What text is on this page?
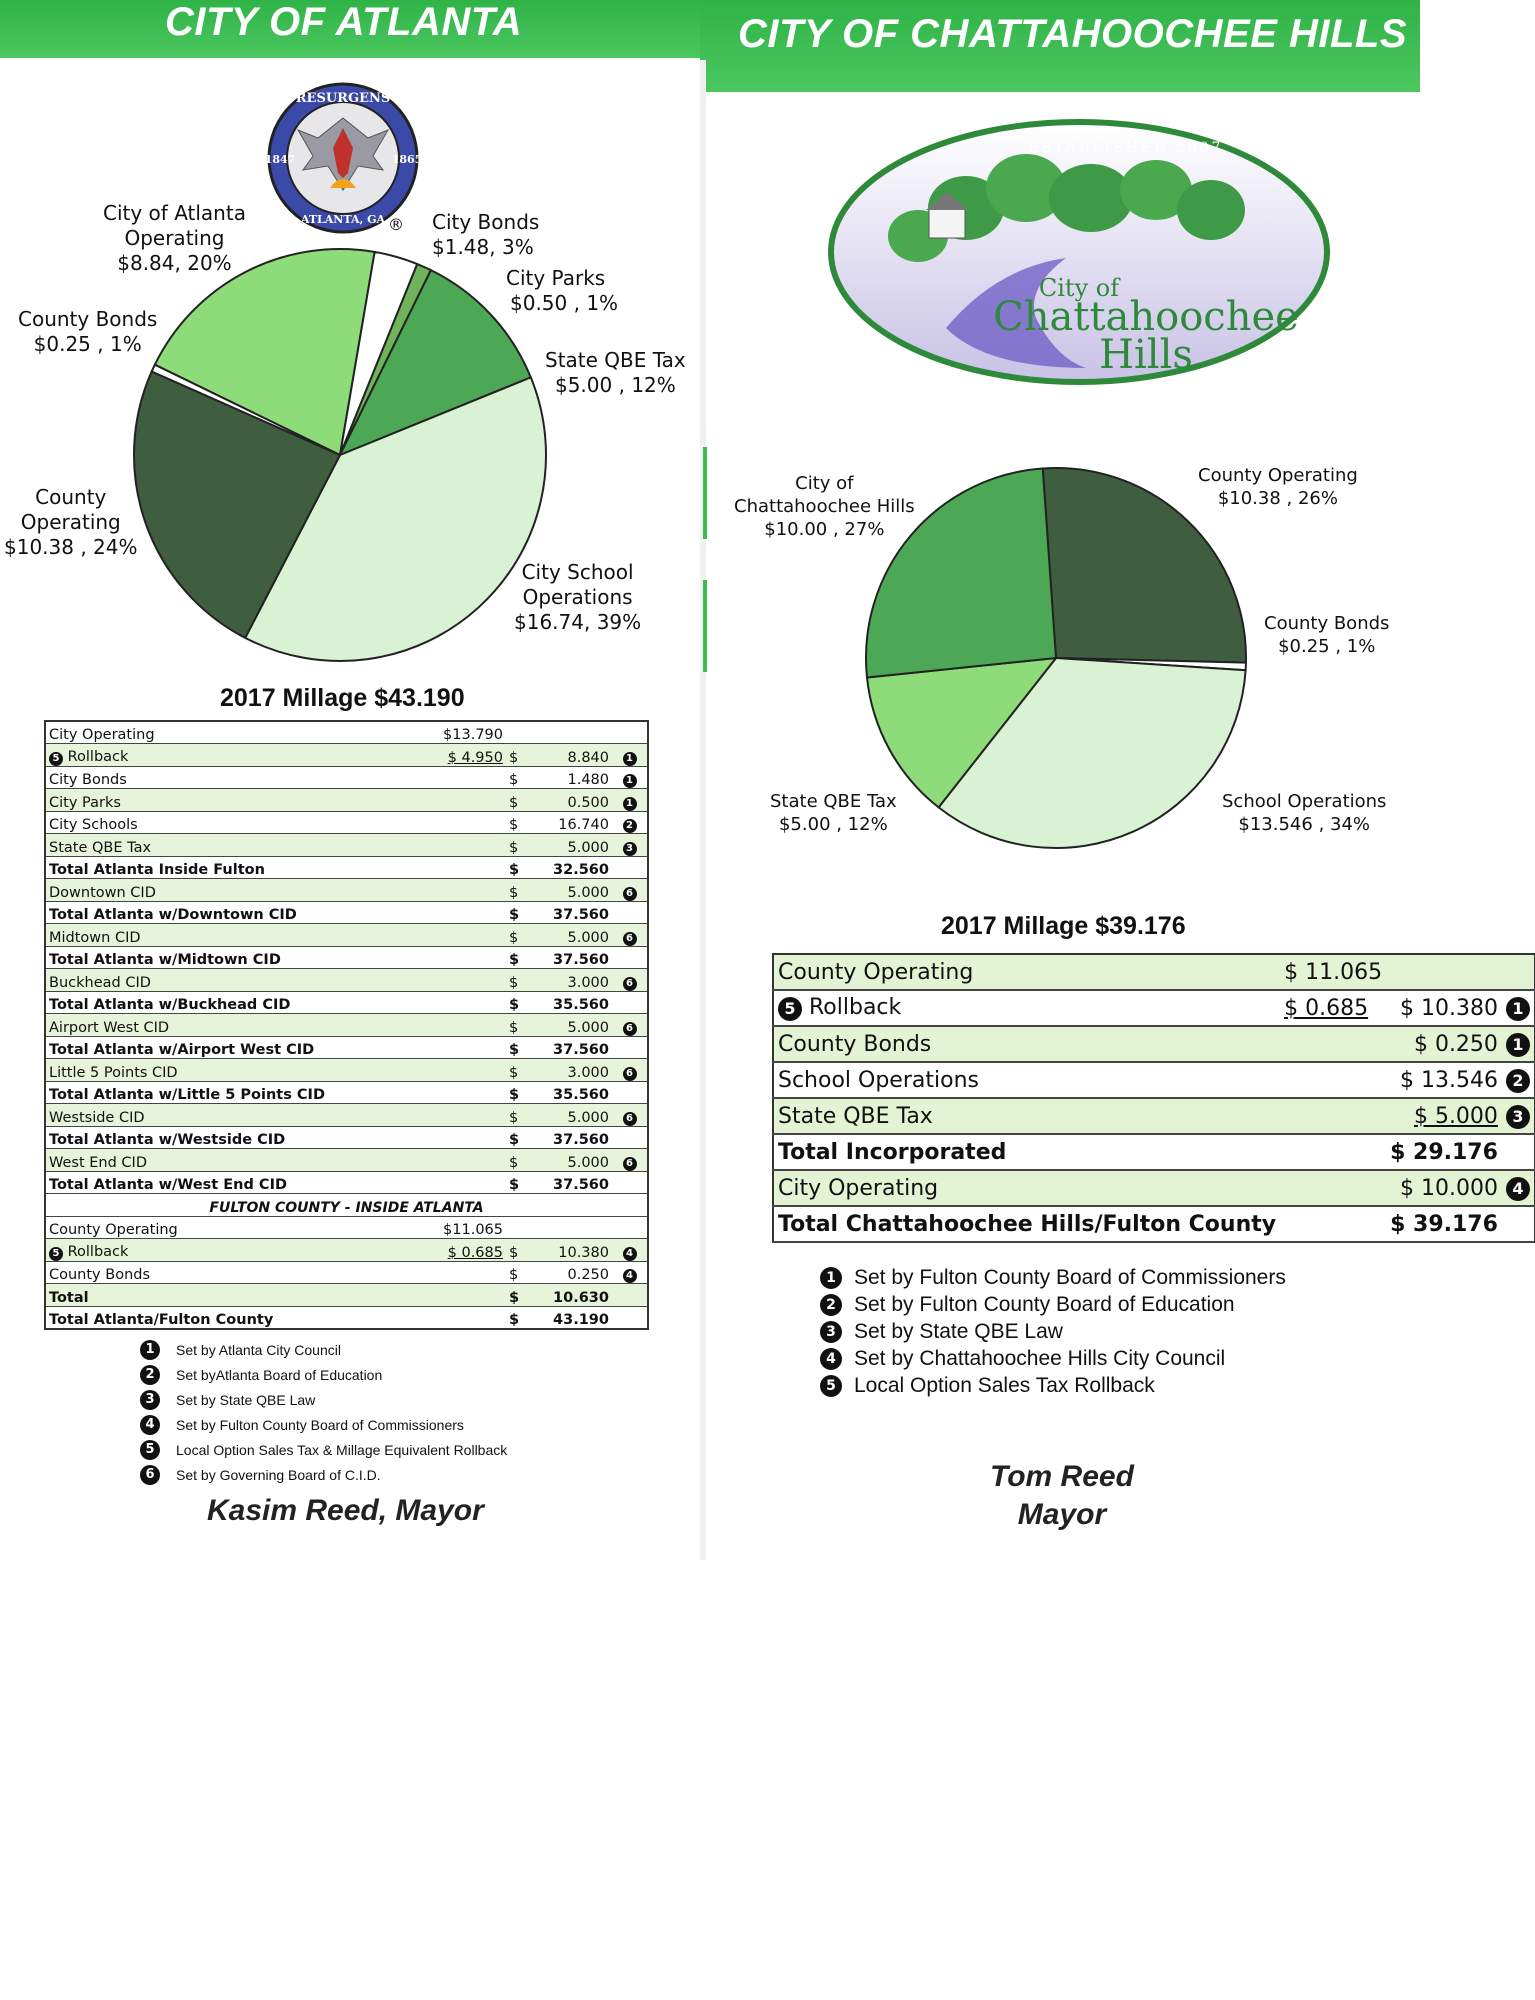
CITY OF ATLANTA	CITY OF CHATTAHOOCHEE HILLS
RESURGENS
1847	1865
ATLANTA, GA ®
City of Atlanta
Operating
$8.84, 20%
City Bonds
$1.48, 3%
City Parks
$0.50 , 1%
State QBE Tax
$5.00 , 12%
County Bonds
$0.25 , 1%
County
Operating
$10.38 , 24%
City School
Operations
$16.74, 39%
2017 Millage $43.190
City Operating	$13.790			
5 Rollback	$ 4.950	$	8.840	1
City Bonds		$	1.480	1
City Parks		$	0.500	1
City Schools		$	16.740	2
State QBE Tax		$	5.000	3
Total Atlanta Inside Fulton		$	32.560	
Downtown CID		$	5.000	6
Total Atlanta w/Downtown CID		$	37.560	
Midtown CID		$	5.000	6
Total Atlanta w/Midtown CID		$	37.560	
Buckhead CID		$	3.000	6
Total Atlanta w/Buckhead CID		$	35.560	
Airport West CID		$	5.000	6
Total Atlanta w/Airport West CID		$	37.560	
Little 5 Points CID		$	3.000	6
Total Atlanta w/Little 5 Points CID		$	35.560	
Westside CID		$	5.000	6
Total Atlanta w/Westside CID		$	37.560	
West End CID		$	5.000	6
Total Atlanta w/West End CID		$	37.560	
FULTON COUNTY - INSIDE ATLANTA				
County Operating	$11.065			
5 Rollback	$ 0.685	$	10.380	4
County Bonds		$	0.250	4
Total		$	10.630	
Total Atlanta/Fulton County		$	43.190	
1	Set by Atlanta City Council
2	Set byAtlanta Board of Education
3	Set by State QBE Law
4	Set by Fulton County Board of Commissioners
5	Local Option Sales Tax & Millage Equivalent Rollback
6	Set by Governing Board of C.I.D.
Kasim Reed, Mayor
ESTABLISHED 2007
City of
Chattahoochee
Hills
City of
Chattahoochee Hills
$10.00 , 27%
County Operating
$10.38 , 26%
County Bonds
$0.25 , 1%
State QBE Tax
$5.00 , 12%
School Operations
$13.546 , 34%
2017 Millage $39.176
County Operating	$ 11.065		
5 Rollback	$ 0.685	$ 10.380	1
County Bonds		$ 0.250	1
School Operations		$ 13.546	2
State QBE Tax		$ 5.000	3
Total Incorporated		$ 29.176	
City Operating		$ 10.000	4
Total Chattahoochee Hills/Fulton County		$ 39.176	
1 Set by Fulton County Board of Commissioners
2 Set by Fulton County Board of Education
3 Set by State QBE Law
4 Set by Chattahoochee Hills City Council
5 Local Option Sales Tax Rollback
Tom Reed
Mayor
